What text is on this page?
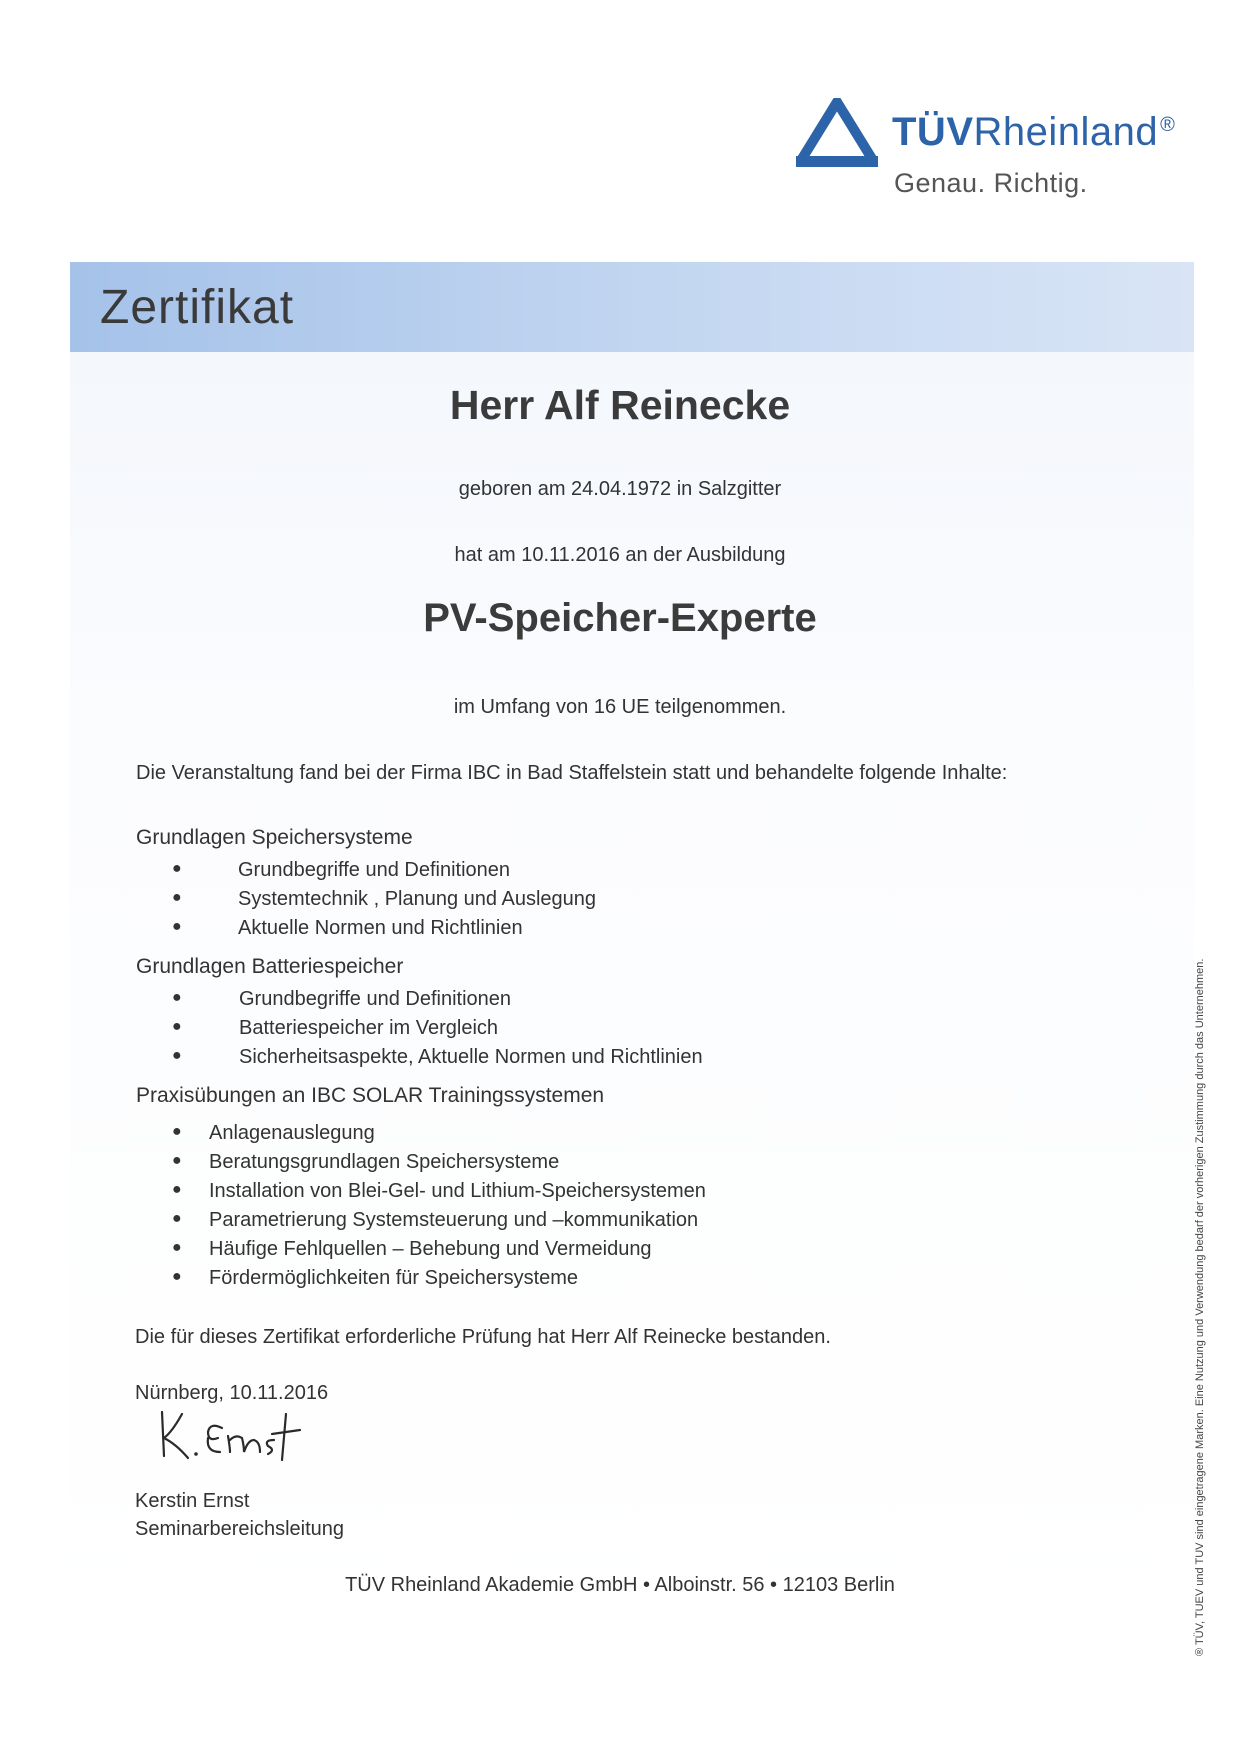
TÜVRheinland ®
Genau. Richtig.
Zertifikat
Herr Alf Reinecke
geboren am 24.04.1972 in Salzgitter
hat am 10.11.2016 an der Ausbildung
PV-Speicher-Experte
im Umfang von 16 UE teilgenommen.
Die Veranstaltung fand bei der Firma IBC in Bad Staffelstein statt und behandelte folgende Inhalte:
Grundlagen Speichersysteme
●	Grundbegriffe und Definitionen
●	Systemtechnik , Planung und Auslegung
●	Aktuelle Normen und Richtlinien
Grundlagen Batteriespeicher
●	Grundbegriffe und Definitionen
●	Batteriespeicher im Vergleich
●	Sicherheitsaspekte, Aktuelle Normen und Richtlinien
Praxisübungen an IBC SOLAR Trainingssystemen
● Anlagenauslegung
● Beratungsgrundlagen Speichersysteme
● Installation von Blei-Gel- und Lithium-Speichersystemen
● Parametrierung Systemsteuerung und –kommunikation
● Häufige Fehlquellen – Behebung und Vermeidung
● Fördermöglichkeiten für Speichersysteme
Die für dieses Zertifikat erforderliche Prüfung hat Herr Alf Reinecke bestanden.
Nürnberg, 10.11.2016
Kerstin Ernst
Seminarbereichsleitung
TÜV Rheinland Akademie GmbH • Alboinstr. 56 • 12103 Berlin	® TÜV, TUEV und TUV sind eingetragene Marken. Eine Nutzung und Verwendung bedarf der vorherigen Zustimmung durch das Unternehmen.
